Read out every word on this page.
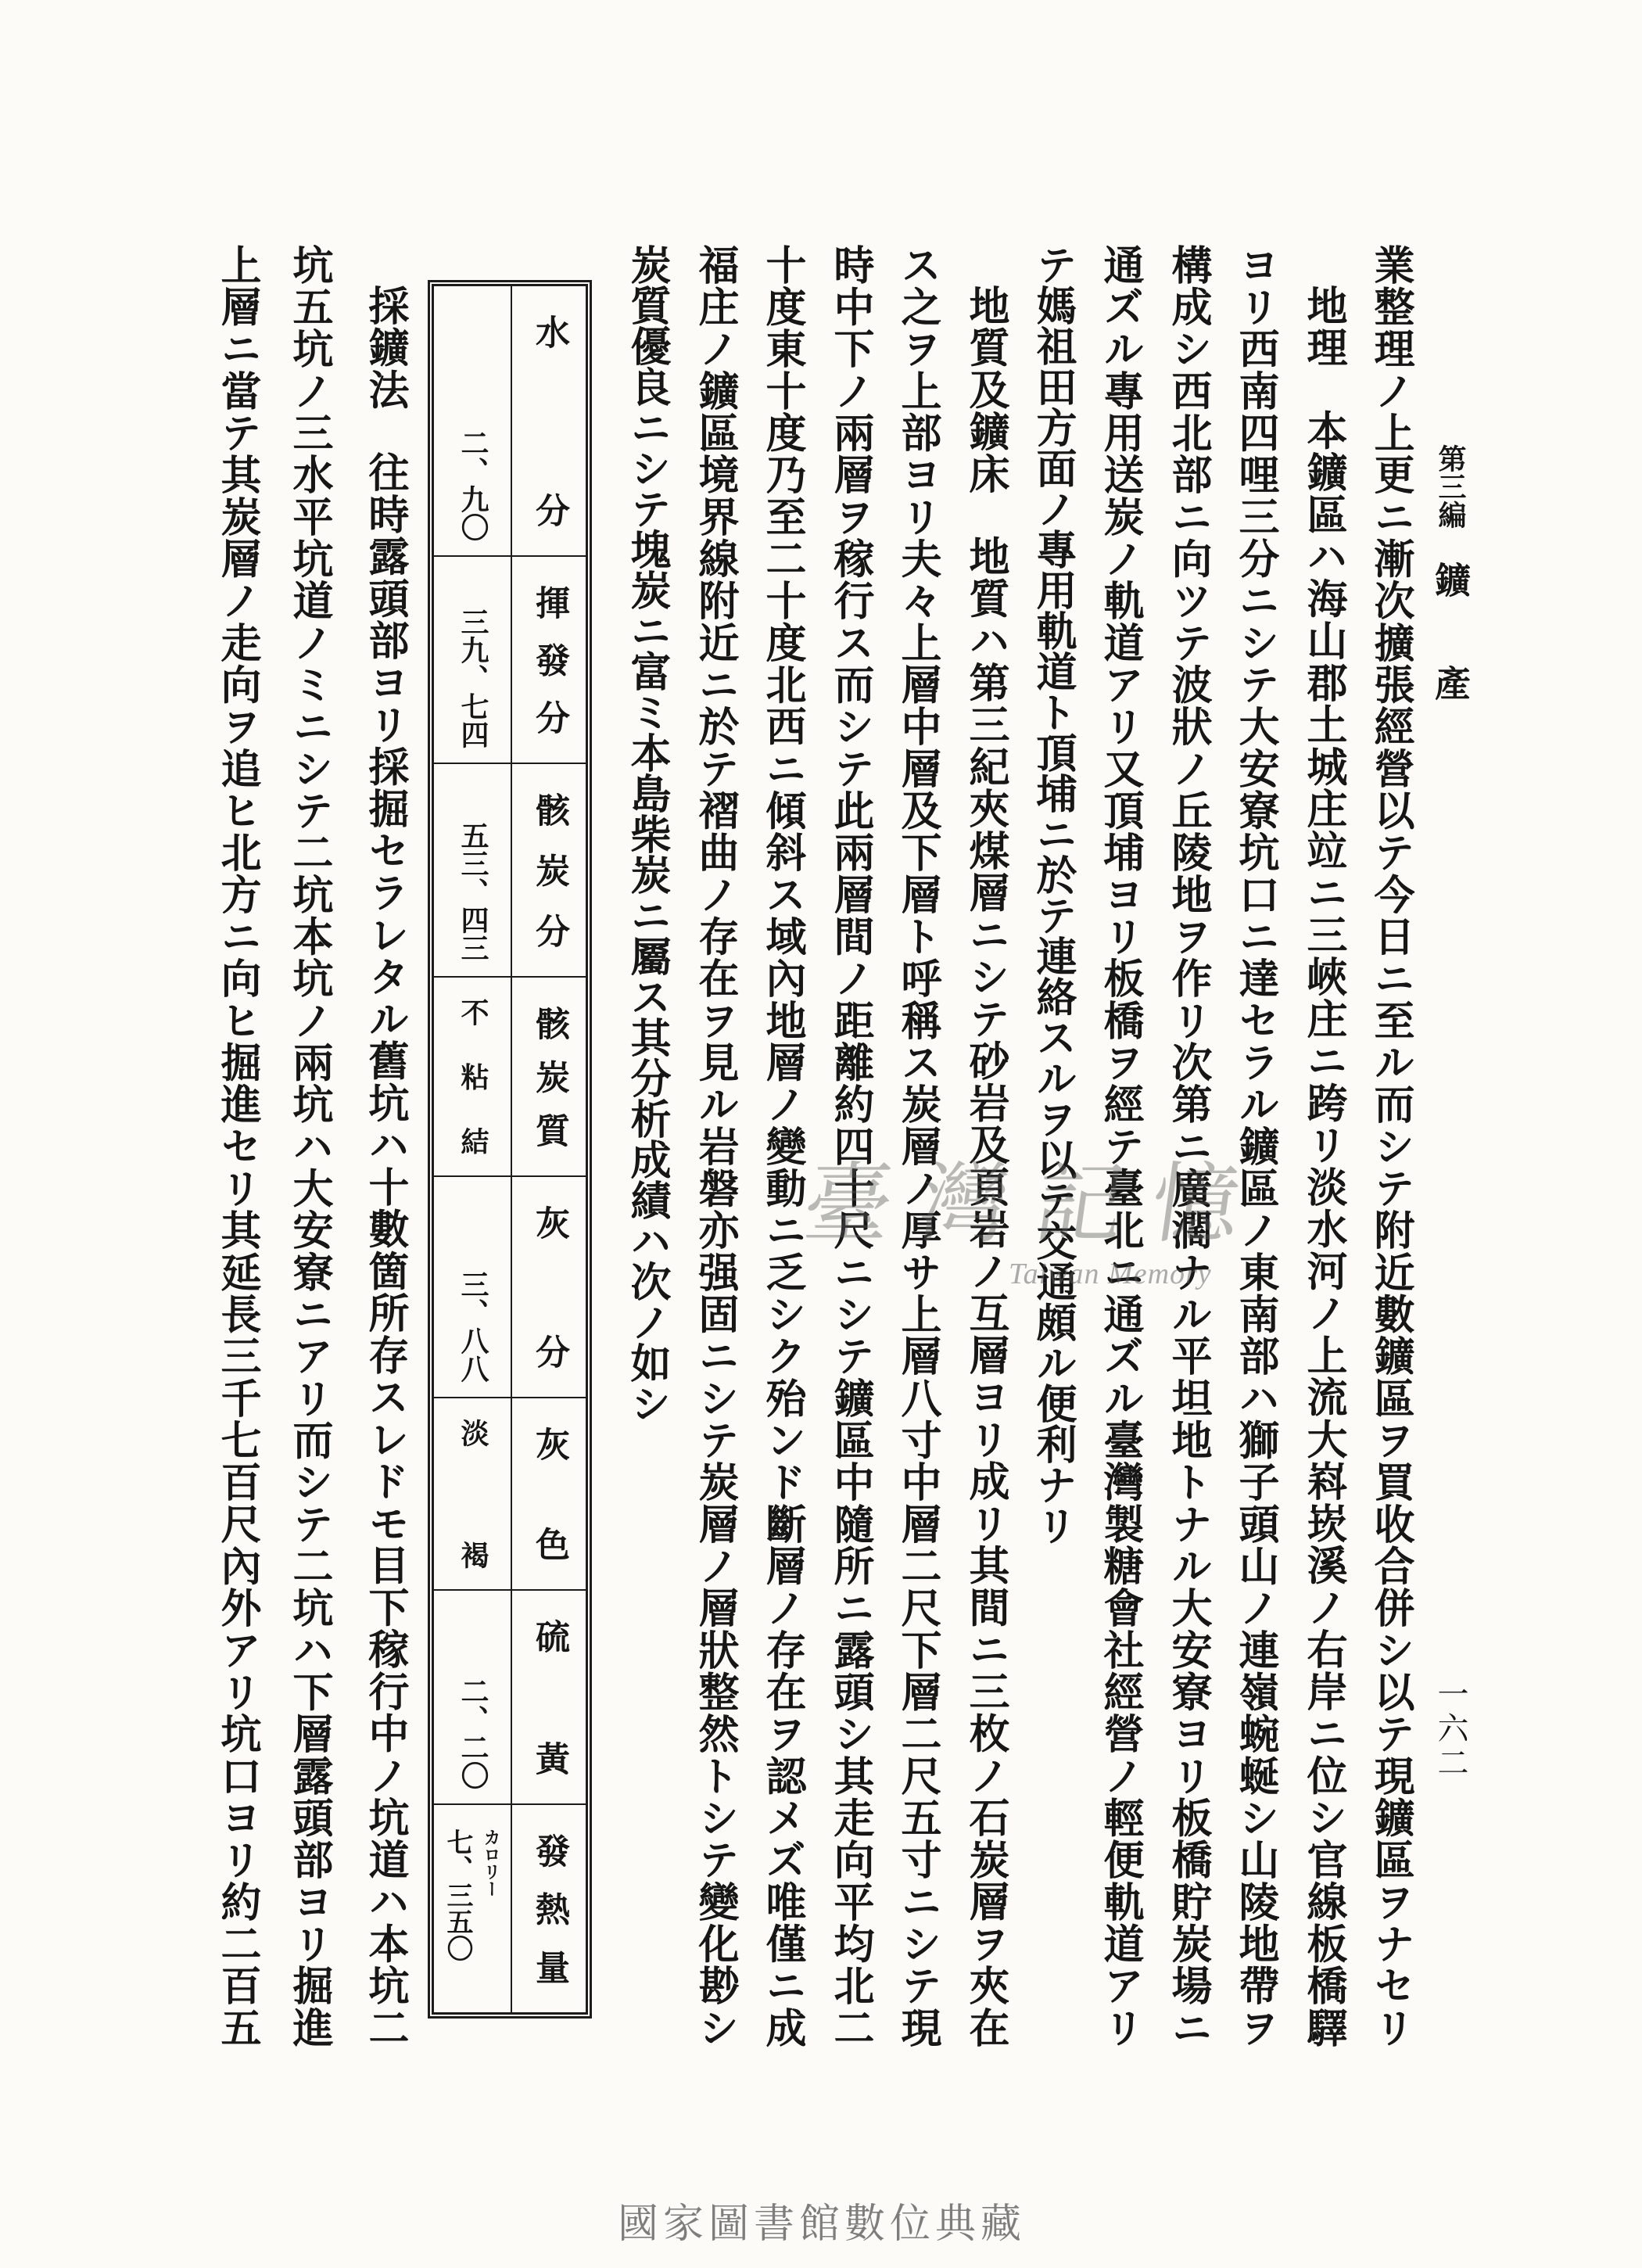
第三編
鑛　產
一六二
業整理ノ上更ニ漸次擴張經營以テ今日ニ至ル而シテ附近數鑛區ヲ買收合併シ以テ現鑛區ヲナセリ
地理本鑛區ハ海山郡土城庄竝ニ三峽庄ニ跨リ淡水河ノ上流大嵙崁溪ノ右岸ニ位シ官線板橋驛
ヨリ西南四哩三分ニシテ大安寮坑口ニ達セラル鑛區ノ東南部ハ獅子頭山ノ連嶺蜿蜒シ山陵地帶ヲ
構成シ西北部ニ向ツテ波狀ノ丘陵地ヲ作リ次第ニ廣濶ナル平坦地トナル大安寮ヨリ板橋貯炭場ニ
通ズル專用送炭ノ軌道アリ又頂埔ヨリ板橋ヲ經テ臺北ニ通ズル臺灣製糖會社經營ノ輕便軌道アリ
テ媽祖田方面ノ專用軌道ト頂埔ニ於テ連絡スルヲ以テ交通頗ル便利ナリ
地質及鑛床地質ハ第三紀夾煤層ニシテ砂岩及頁岩ノ互層ヨリ成リ其間ニ三枚ノ石炭層ヲ夾在
ス之ヲ上部ヨリ夫々上層中層及下層ト呼稱ス炭層ノ厚サ上層八寸中層二尺下層二尺五寸ニシテ現
時中下ノ兩層ヲ稼行ス而シテ此兩層間ノ距離約四十尺ニシテ鑛區中隨所ニ露頭シ其走向平均北二
十度東十度乃至二十度北西ニ傾斜ス域內地層ノ變動ニ乏シク殆ンド斷層ノ存在ヲ認メズ唯僅ニ成
福庄ノ鑛區境界線附近ニ於テ褶曲ノ存在ヲ見ル岩磐亦强固ニシテ炭層ノ層狀整然トシテ變化尠シ
炭質優良ニシテ塊炭ニ富ミ本島柴炭ニ屬ス其分析成績ハ次ノ如シ
水分
二、九〇
揮發分
三九、七四
骸炭分
五三、四三
骸炭質
不粘結
灰分
三、八八
灰色
淡褐
硫黃
二、二〇
發熱量
カロリー
七、三五〇
採鑛法往時露頭部ヨリ採掘セラレタル舊坑ハ十數箇所存スレドモ目下稼行中ノ坑道ハ本坑二
坑五坑ノ三水平坑道ノミニシテ二坑本坑ノ兩坑ハ大安寮ニアリ而シテ二坑ハ下層露頭部ヨリ掘進
上層ニ當テ其炭層ノ走向ヲ追ヒ北方ニ向ヒ掘進セリ其延長三千七百尺內外アリ坑口ヨリ約二百五
國家圖書館數位典藏
臺灣記憶
Taiwan Memory
